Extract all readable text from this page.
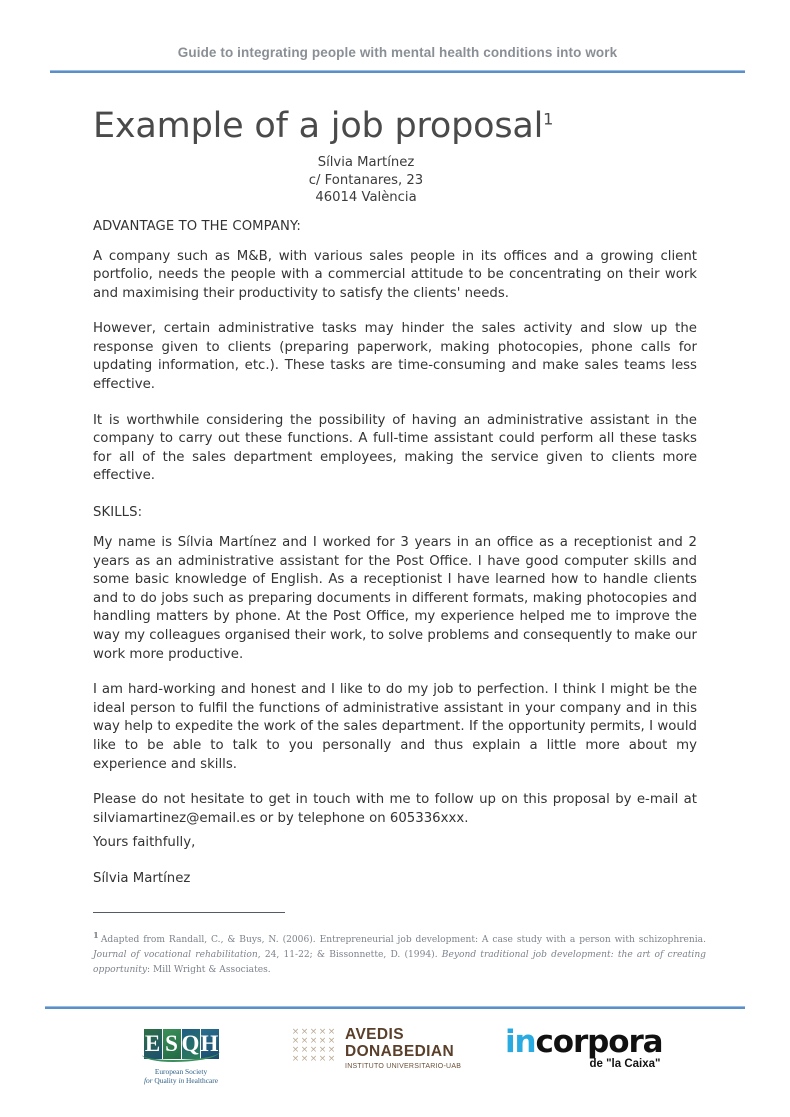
Guide to integrating people with mental health conditions into work
Example of a job proposal$^1$
Sílvia Martínez
c/ Fontanares, 23
46014 València
ADVANTAGE TO THE COMPANY:

A company such as M&B, with various sales people in its offices and a growing client portfolio, needs the people with a commercial attitude to be concentrating on their work and maximising their productivity to satisfy the clients' needs.

However, certain administrative tasks may hinder the sales activity and slow up the response given to clients (preparing paperwork, making photocopies, phone calls for updating information, etc.). These tasks are time-consuming and make sales teams less effective.

It is worthwhile considering the possibility of having an administrative assistant in the company to carry out these functions. A full-time assistant could perform all these tasks for all of the sales department employees, making the service given to clients more effective.

SKILLS:

My name is Sílvia Martínez and I worked for 3 years in an office as a receptionist and 2 years as an administrative assistant for the Post Office. I have good computer skills and some basic knowledge of English. As a receptionist I have learned how to handle clients and to do jobs such as preparing documents in different formats, making photocopies and handling matters by phone. At the Post Office, my experience helped me to improve the way my colleagues organised their work, to solve problems and consequently to make our work more productive.

I am hard-working and honest and I like to do my job to perfection. I think I might be the ideal person to fulfil the functions of administrative assistant in your company and in this way help to expedite the work of the sales department. If the opportunity permits, I would like to be able to talk to you personally and thus explain a little more about my experience and skills.

Please do not hesitate to get in touch with me to follow up on this proposal by e-mail at silviamartinez@email.es or by telephone on 605336xxx.

Yours faithfully,

Sílvia Martínez

$^1$Adapted from Randall, C., & Buys, N. (2006). Entrepreneurial job development: A case study with a person with schizophrenia. Journal of vocational rehabilitation, 24, 11-22; & Bissonnette, D. (1994). Beyond traditional job development: the art of creating opportunity: Mill Wright & Associates.
E S Q H
European Society
for Quality in Healthcare
× × × × ×
× × × × ×
× × × × ×
× × × × ×
AVEDIS
DONABEDIAN
INSTITUTO UNIVERSITARIO-UAB
incorpora
de "la Caixa"
